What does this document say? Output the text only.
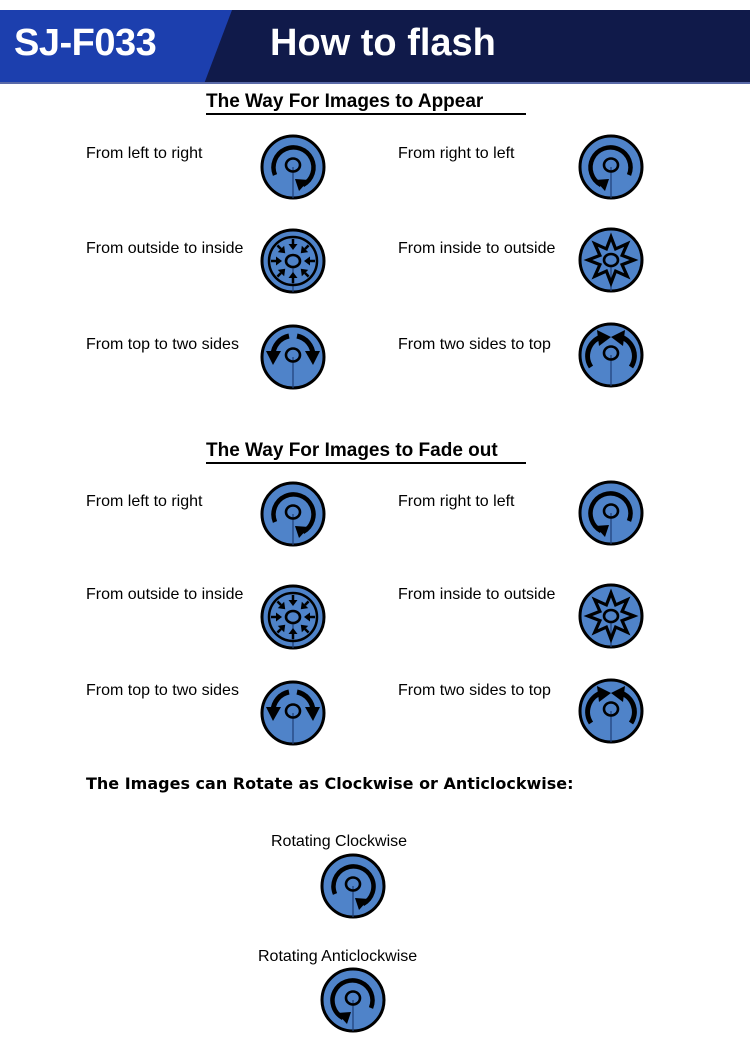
SJ-F033	How to flash
The Way For Images to Appear
From left to right	From right to left
From outside to inside	From inside to outside
From top to two sides	From two sides to top
The Way For Images to Fade out
From left to right	From right to left
From outside to inside	From inside to outside
From top to two sides	From two sides to top
The Images can Rotate as Clockwise or Anticlockwise:
Rotating Clockwise
Rotating Anticlockwise
